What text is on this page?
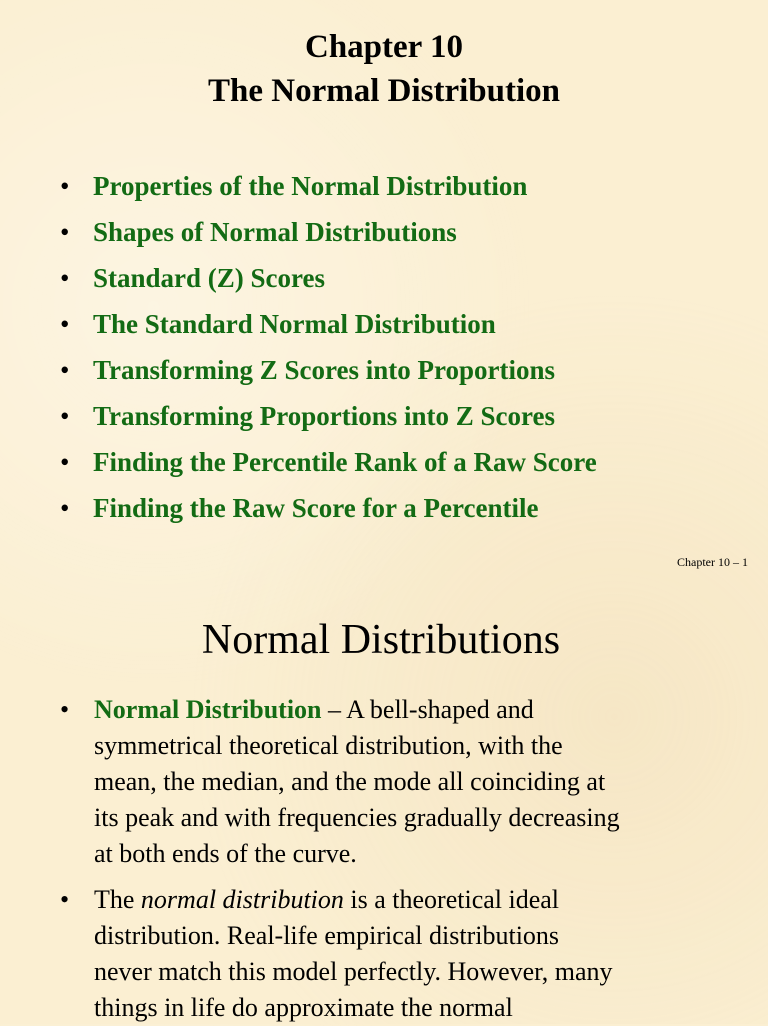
Chapter 10
The Normal Distribution
• Properties of the Normal Distribution
• Shapes of Normal Distributions
• Standard (Z) Scores
• The Standard Normal Distribution
• Transforming Z Scores into Proportions
• Transforming Proportions into Z Scores
• Finding the Percentile Rank of a Raw Score
• Finding the Raw Score for a Percentile
Chapter 10 – 1
Normal Distributions
• Normal Distribution – A bell-shaped and
symmetrical theoretical distribution, with the
mean, the median, and the mode all coinciding at
its peak and with frequencies gradually decreasing
at both ends of the curve.
• The normal distribution is a theoretical ideal
distribution. Real-life empirical distributions
never match this model perfectly. However, many
things in life do approximate the normal
